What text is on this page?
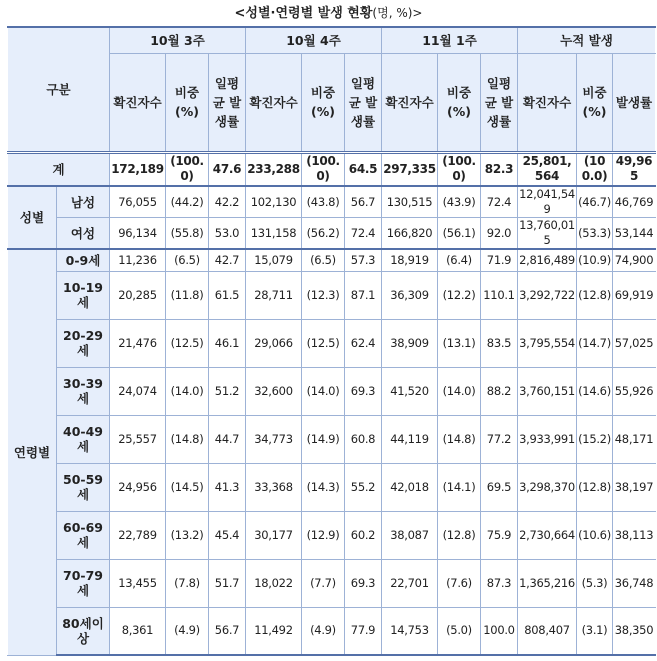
<성별·연령별 발생 현황(명, %)>
구분		10월 3주			10월 4주			11월 1주			누적 발생		
		확진자수	비중 (%)	일평균 발생률	확진자수	비중 (%)	일평균 발생률	확진자수	비중 (%)	일평균 발생률	확진자수	비중 (%)	발생률
계		172,189	(100.0)	47.6	233,288	(100.0)	64.5	297,335	(100.0)	82.3	25,801,564	(100.0)	49,965
성별	남성	76,055	(44.2)	42.2	102,130	(43.8)	56.7	130,515	(43.9)	72.4	12,041,549	(46.7)	46,769
	여성	96,134	(55.8)	53.0	131,158	(56.2)	72.4	166,820	(56.1)	92.0	13,760,015	(53.3)	53,144
연령별	0-9세	11,236	(6.5)	42.7	15,079	(6.5)	57.3	18,919	(6.4)	71.9	2,816,489	(10.9)	74,900
	10-19세	20,285	(11.8)	61.5	28,711	(12.3)	87.1	36,309	(12.2)	110.1	3,292,722	(12.8)	69,919
	20-29세	21,476	(12.5)	46.1	29,066	(12.5)	62.4	38,909	(13.1)	83.5	3,795,554	(14.7)	57,025
	30-39세	24,074	(14.0)	51.2	32,600	(14.0)	69.3	41,520	(14.0)	88.2	3,760,151	(14.6)	55,926
	40-49세	25,557	(14.8)	44.7	34,773	(14.9)	60.8	44,119	(14.8)	77.2	3,933,991	(15.2)	48,171
	50-59세	24,956	(14.5)	41.3	33,368	(14.3)	55.2	42,018	(14.1)	69.5	3,298,370	(12.8)	38,197
	60-69세	22,789	(13.2)	45.4	30,177	(12.9)	60.2	38,087	(12.8)	75.9	2,730,664	(10.6)	38,113
	70-79세	13,455	(7.8)	51.7	18,022	(7.7)	69.3	22,701	(7.6)	87.3	1,365,216	(5.3)	36,748
	80세이상	8,361	(4.9)	56.7	11,492	(4.9)	77.9	14,753	(5.0)	100.0	808,407	(3.1)	38,350
